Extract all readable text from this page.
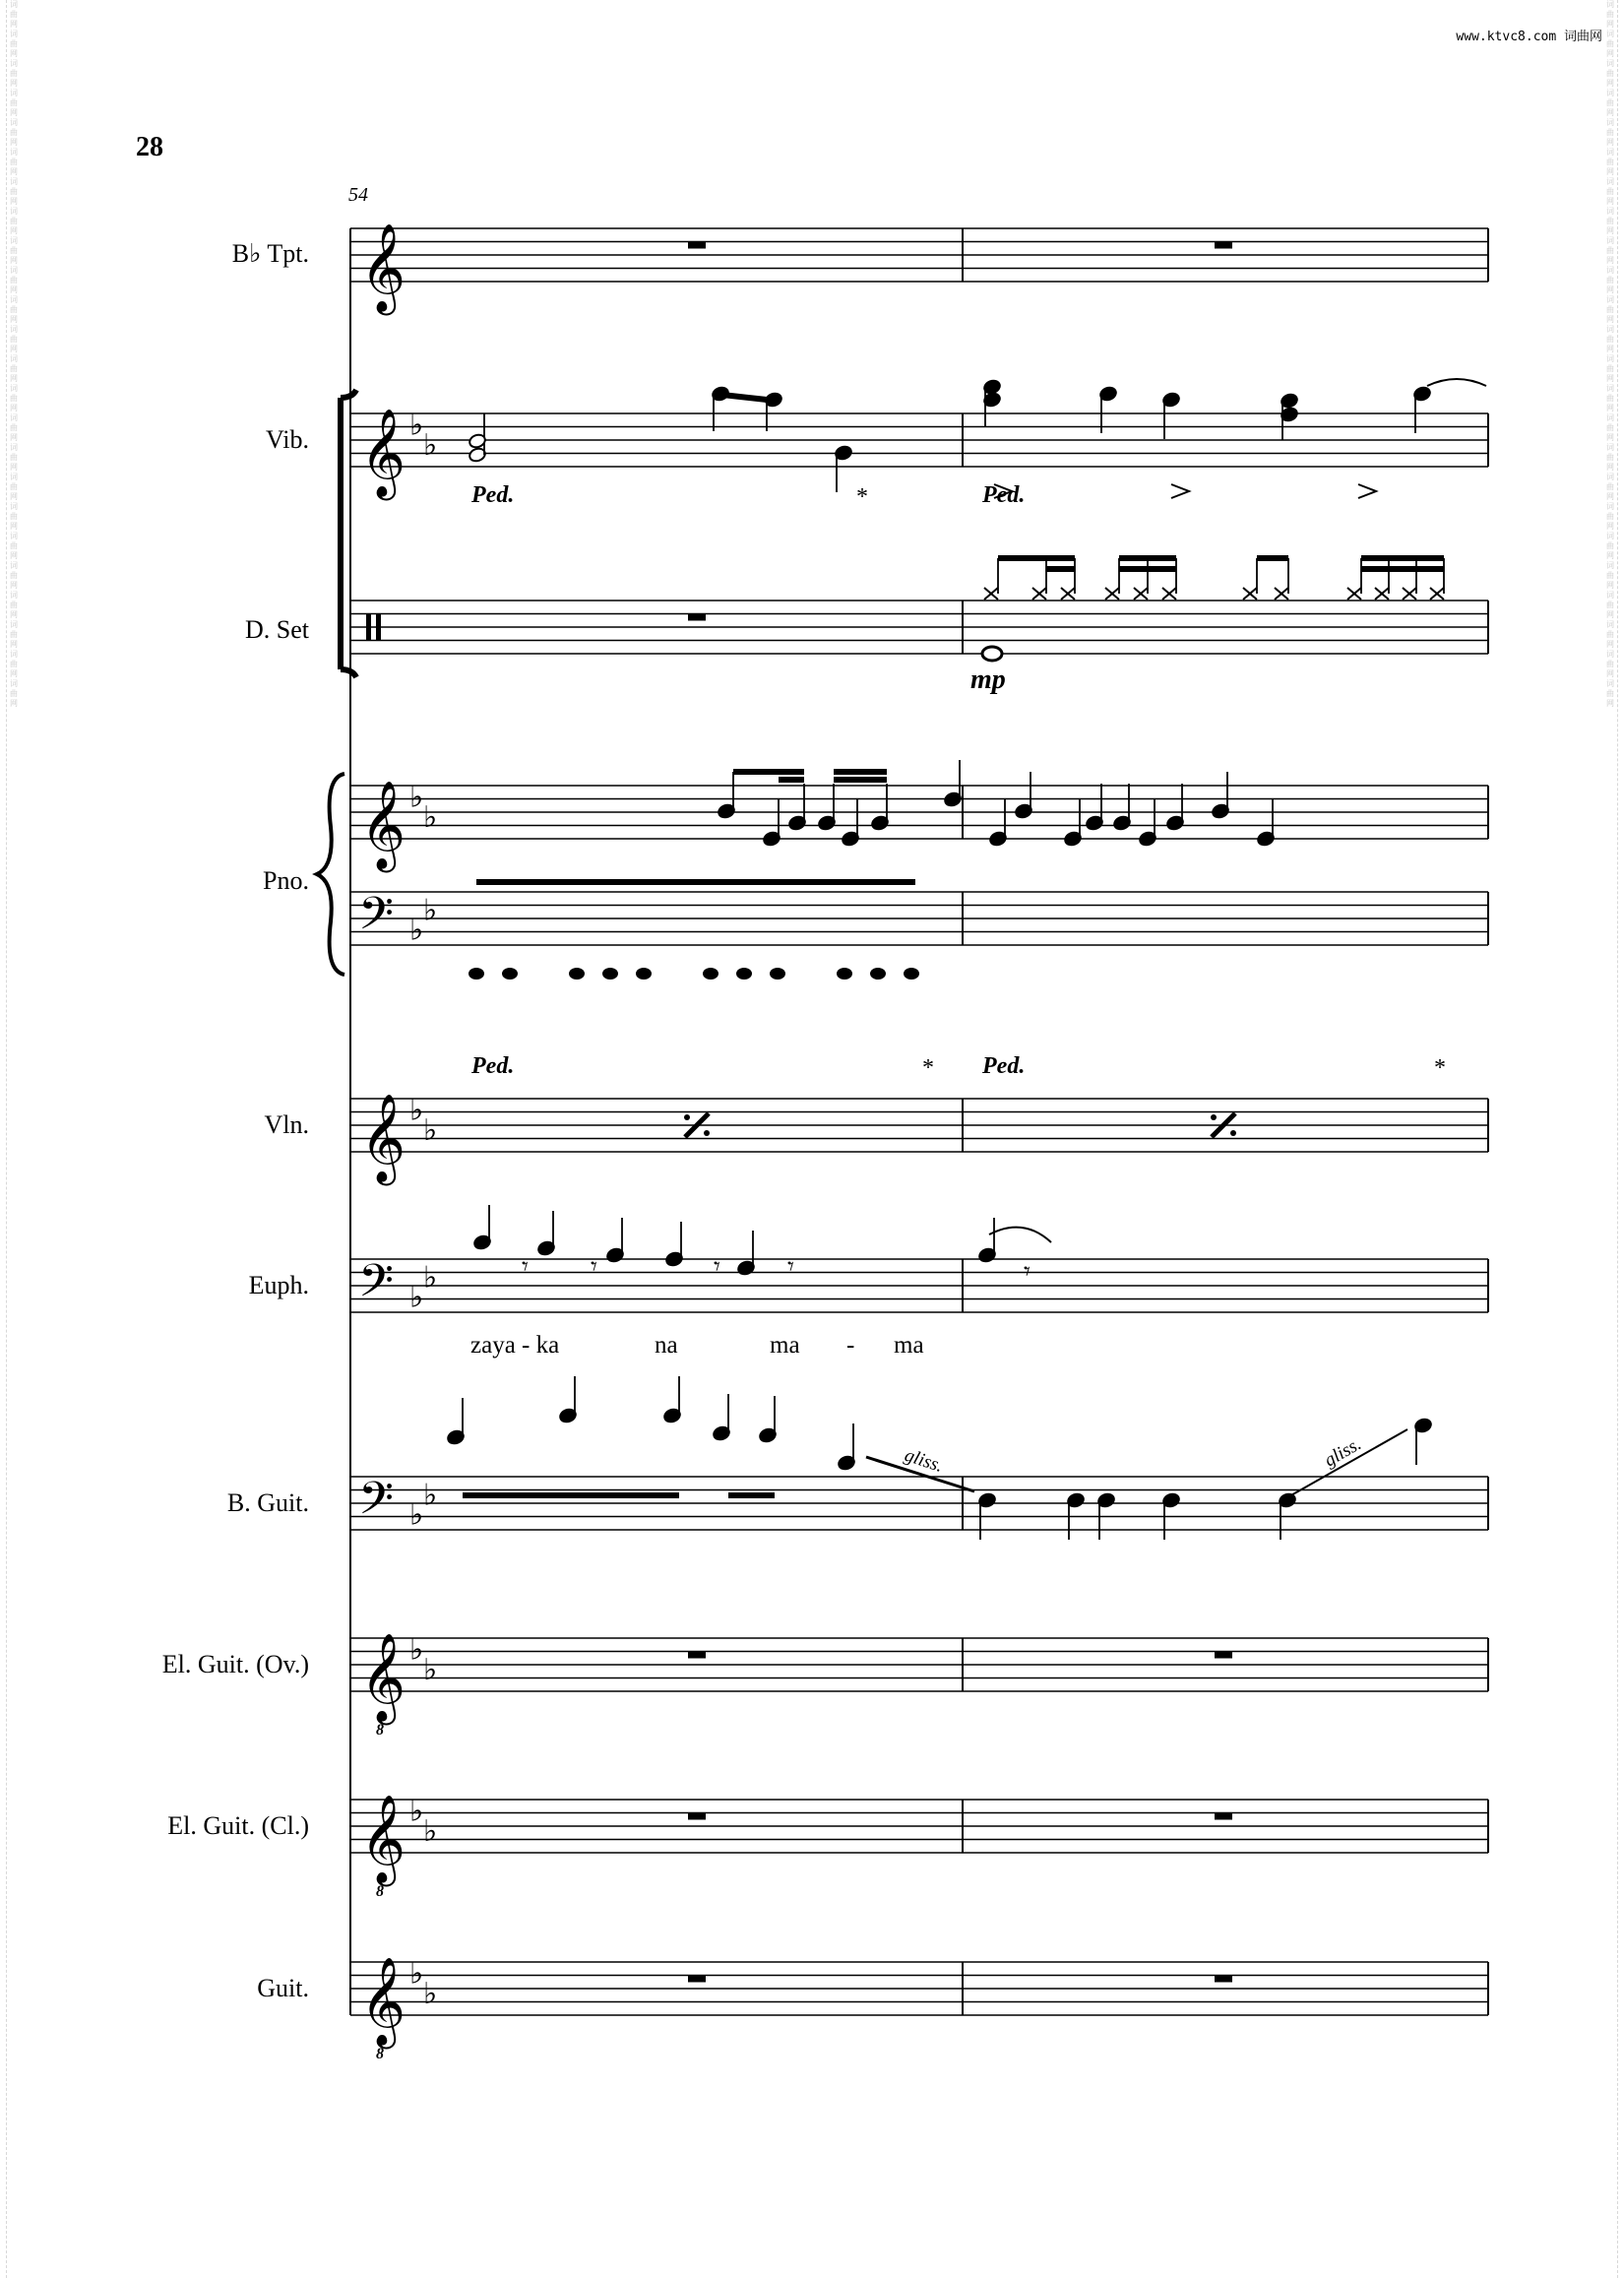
词
曲
网
词
曲
网
词
曲
网
词
曲
网
词
曲
网
词
曲
网
词
曲
网
词
曲
网
词
曲
网
词
曲
网
词
曲
网
词
曲
网
词
曲
网
词
曲
网
词
曲
网
词
曲
网
词
曲
网
词
曲
网
词
曲
网
词
曲
网
词
曲
网
词
曲
网
词
曲
网
词
曲
网
词
曲
网
词
曲
网
词
曲
网
词
曲
网
词
曲
网
词
曲
网
词
曲
网
词
曲
网
词
曲
网
词
曲
网
词
曲
网
词
曲
网
词
曲
网
词
曲
网
词
曲
网
词
曲
网
词
曲
网
词
曲
网
词
曲
网
词
曲
网
词
曲
网
词
曲
网
词
曲
网
词
曲
网
www.ktvc8.com 词曲网
28
B♭ Tpt.
Vib.
D. Set
Pno.
Vln.
Euph.
B. Guit.
El. Guit. (Ov.)
El. Guit. (Cl.)
Guit.
𝄞
𝄞 ♭
♭
𝄞 ♭
♭
𝄢 ♭
♭
𝄞 ♭
♭
𝄢 ♭
♭
𝄢 ♭
♭
𝄞
8
♭
♭
𝄞
8
♭
♭
𝄞
8
♭
♭
𝄾 𝄾	𝄾	𝄾	𝄾
54
Ped.	*	Ped.
mp
Ped.	* Ped.	*
zaya - ka	na	ma - ma
gliss.	gliss.
